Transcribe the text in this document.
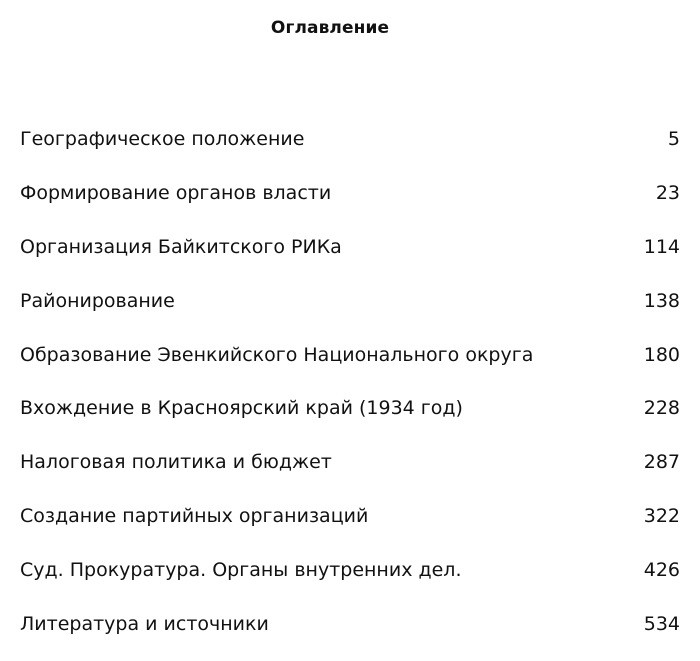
Оглавление
Географическое положение	5
Формирование органов власти	23
Организация Байкитского РИКа	114
Районирование	138
Образование Эвенкийского Национального округа	180
Вхождение в Красноярский край (1934 год)	228
Налоговая политика и бюджет	287
Создание партийных организаций	322
Суд. Прокуратура. Органы внутренних дел.	426
Литература и источники	534
